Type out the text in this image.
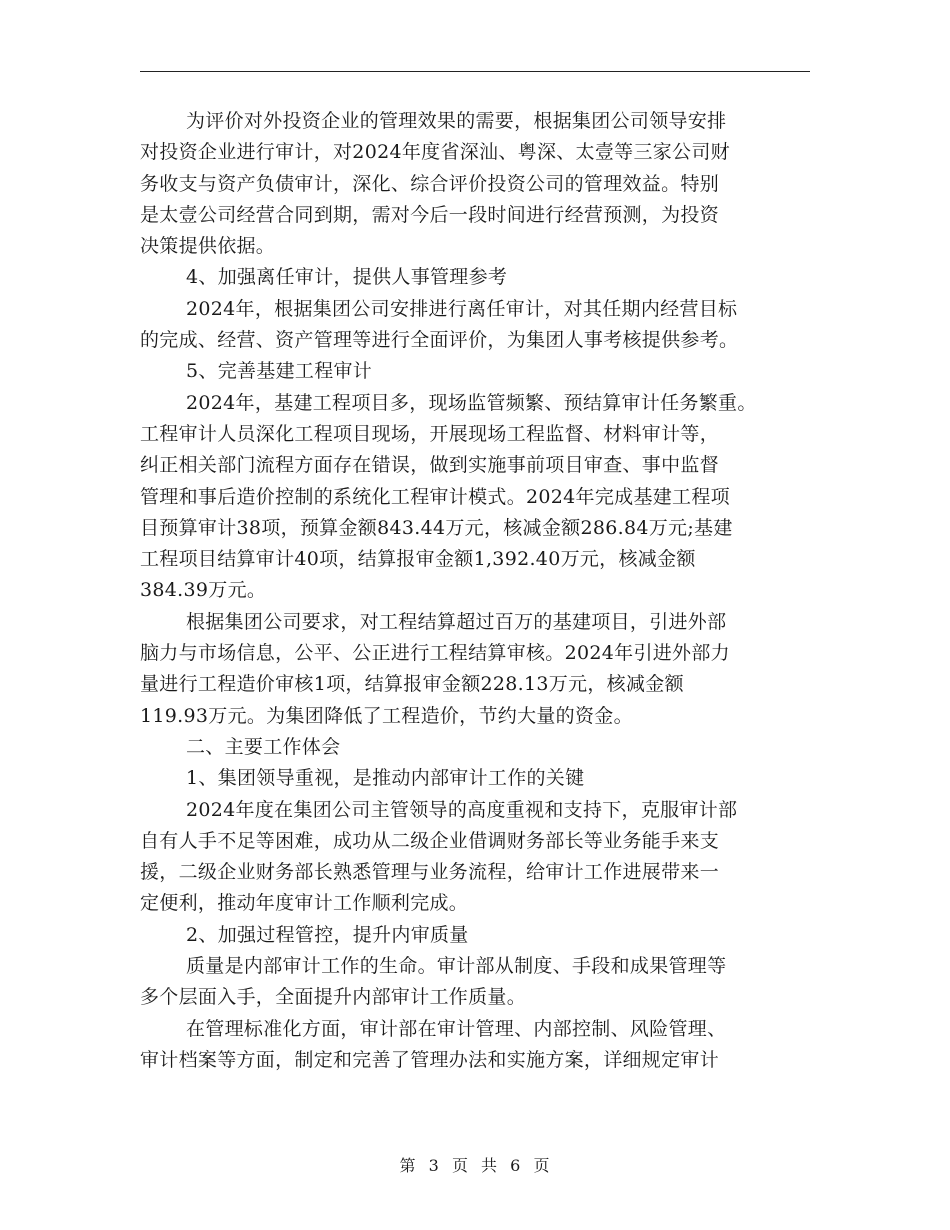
为评价对外投资企业的管理效果的需要，根据集团公司领导安排
对投资企业进行审计，对2024年度省深汕、粤深、太壹等三家公司财
务收支与资产负债审计，深化、综合评价投资公司的管理效益。特别
是太壹公司经营合同到期，需对今后一段时间进行经营预测，为投资
决策提供依据。
4、加强离任审计，提供人事管理参考
2024年，根据集团公司安排进行离任审计，对其任期内经营目标
的完成、经营、资产管理等进行全面评价，为集团人事考核提供参考。
5、完善基建工程审计
2024年，基建工程项目多，现场监管频繁、预结算审计任务繁重。
工程审计人员深化工程项目现场，开展现场工程监督、材料审计等，
纠正相关部门流程方面存在错误，做到实施事前项目审查、事中监督
管理和事后造价控制的系统化工程审计模式。2024年完成基建工程项
目预算审计38项，预算金额843.44万元，核减金额286.84万元;基建
工程项目结算审计40项，结算报审金额1,392.40万元，核减金额
384.39万元。
根据集团公司要求，对工程结算超过百万的基建项目，引进外部
脑力与市场信息，公平、公正进行工程结算审核。2024年引进外部力
量进行工程造价审核1项，结算报审金额228.13万元，核减金额
119.93万元。为集团降低了工程造价，节约大量的资金。
二、主要工作体会
1、集团领导重视，是推动内部审计工作的关键
2024年度在集团公司主管领导的高度重视和支持下，克服审计部
自有人手不足等困难，成功从二级企业借调财务部长等业务能手来支
援，二级企业财务部长熟悉管理与业务流程，给审计工作进展带来一
定便利，推动年度审计工作顺利完成。
2、加强过程管控，提升内审质量
质量是内部审计工作的生命。审计部从制度、手段和成果管理等
多个层面入手，全面提升内部审计工作质量。
在管理标准化方面，审计部在审计管理、内部控制、风险管理、
审计档案等方面，制定和完善了管理办法和实施方案，详细规定审计
第 3 页 共 6 页
